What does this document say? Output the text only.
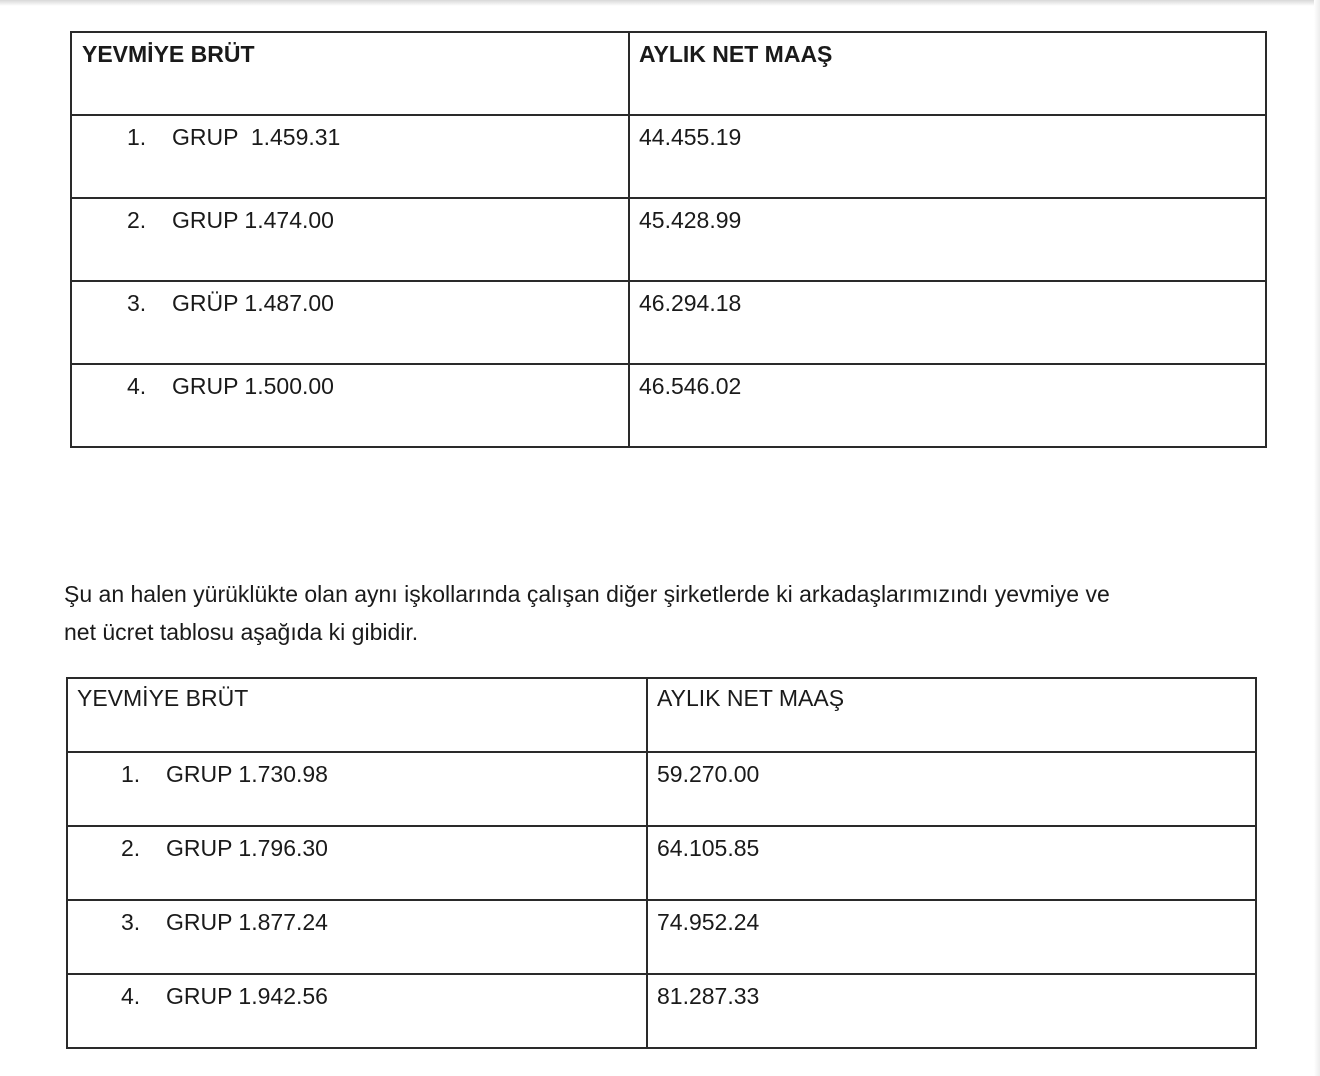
YEVMİYE BRÜT	AYLIK NET MAAŞ
1. GRUP  1.459.31	44.455.19
2. GRUP 1.474.00	45.428.99
3. GRÜP 1.487.00	46.294.18
4. GRUP 1.500.00	46.546.02
Şu an halen yürüklükte olan aynı işkollarında çalışan diğer şirketlerde ki arkadaşlarımızındı yevmiye ve
net ücret tablosu aşağıda ki gibidir.
YEVMİYE BRÜT	AYLIK NET MAAŞ
1. GRUP 1.730.98	59.270.00
2. GRUP 1.796.30	64.105.85
3. GRUP 1.877.24	74.952.24
4. GRUP 1.942.56	81.287.33
